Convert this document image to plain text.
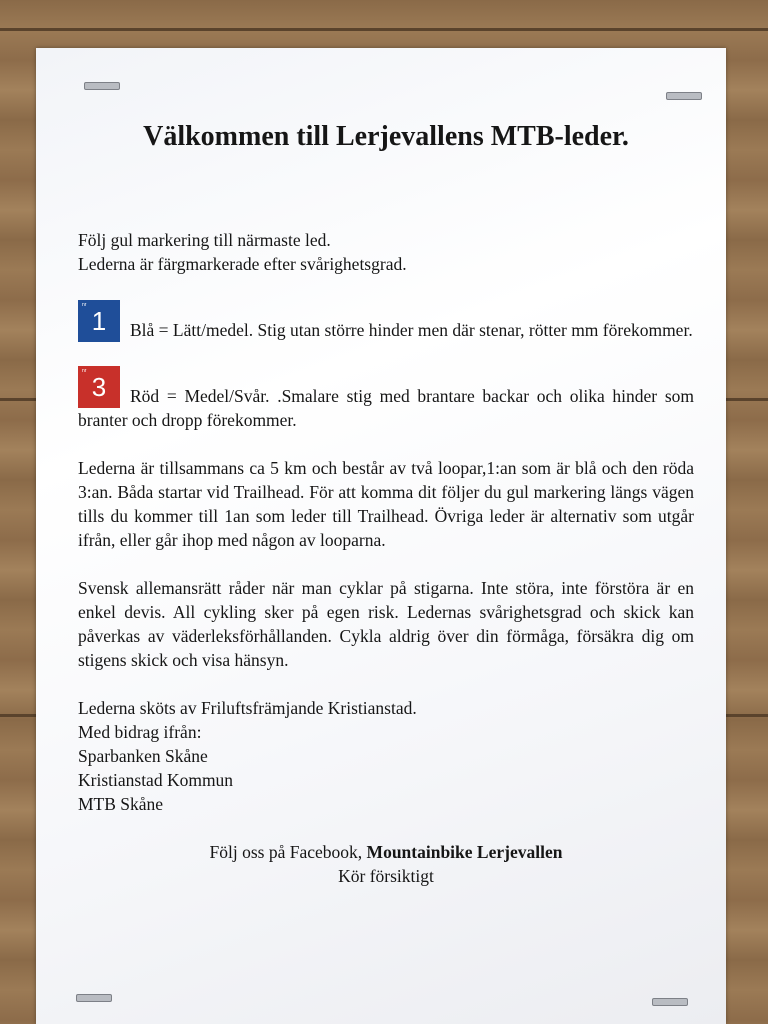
Välkommen till Lerjevallens MTB-leder.
Följ gul markering till närmaste led.
Lederna är färgmarkerade efter svårighetsgrad.
nr
1 Blå = Lätt/medel. Stig utan större hinder men där stenar, rötter mm förekommer.
nr
3 Röd = Medel/Svår. .Smalare stig med brantare backar och olika hinder som branter och dropp förekommer.
Lederna är tillsammans ca 5 km och består av två loopar,1:an som är blå och den röda 3:an. Båda startar vid Trailhead. För att komma dit följer du gul markering längs vägen tills du kommer till 1an som leder till Trailhead. Övriga leder är alternativ som utgår ifrån, eller går ihop med någon av looparna.
Svensk allemansrätt råder när man cyklar på stigarna. Inte störa, inte förstöra är en enkel devis. All cykling sker på egen risk. Ledernas svårighetsgrad och skick kan påverkas av väderleksförhållanden. Cykla aldrig över din förmåga, försäkra dig om stigens skick och visa hänsyn.
Lederna sköts av Friluftsfrämjande Kristianstad.
Med bidrag ifrån:
Sparbanken Skåne
Kristianstad Kommun
MTB Skåne
Följ oss på Facebook, Mountainbike Lerjevallen
Kör försiktigt
